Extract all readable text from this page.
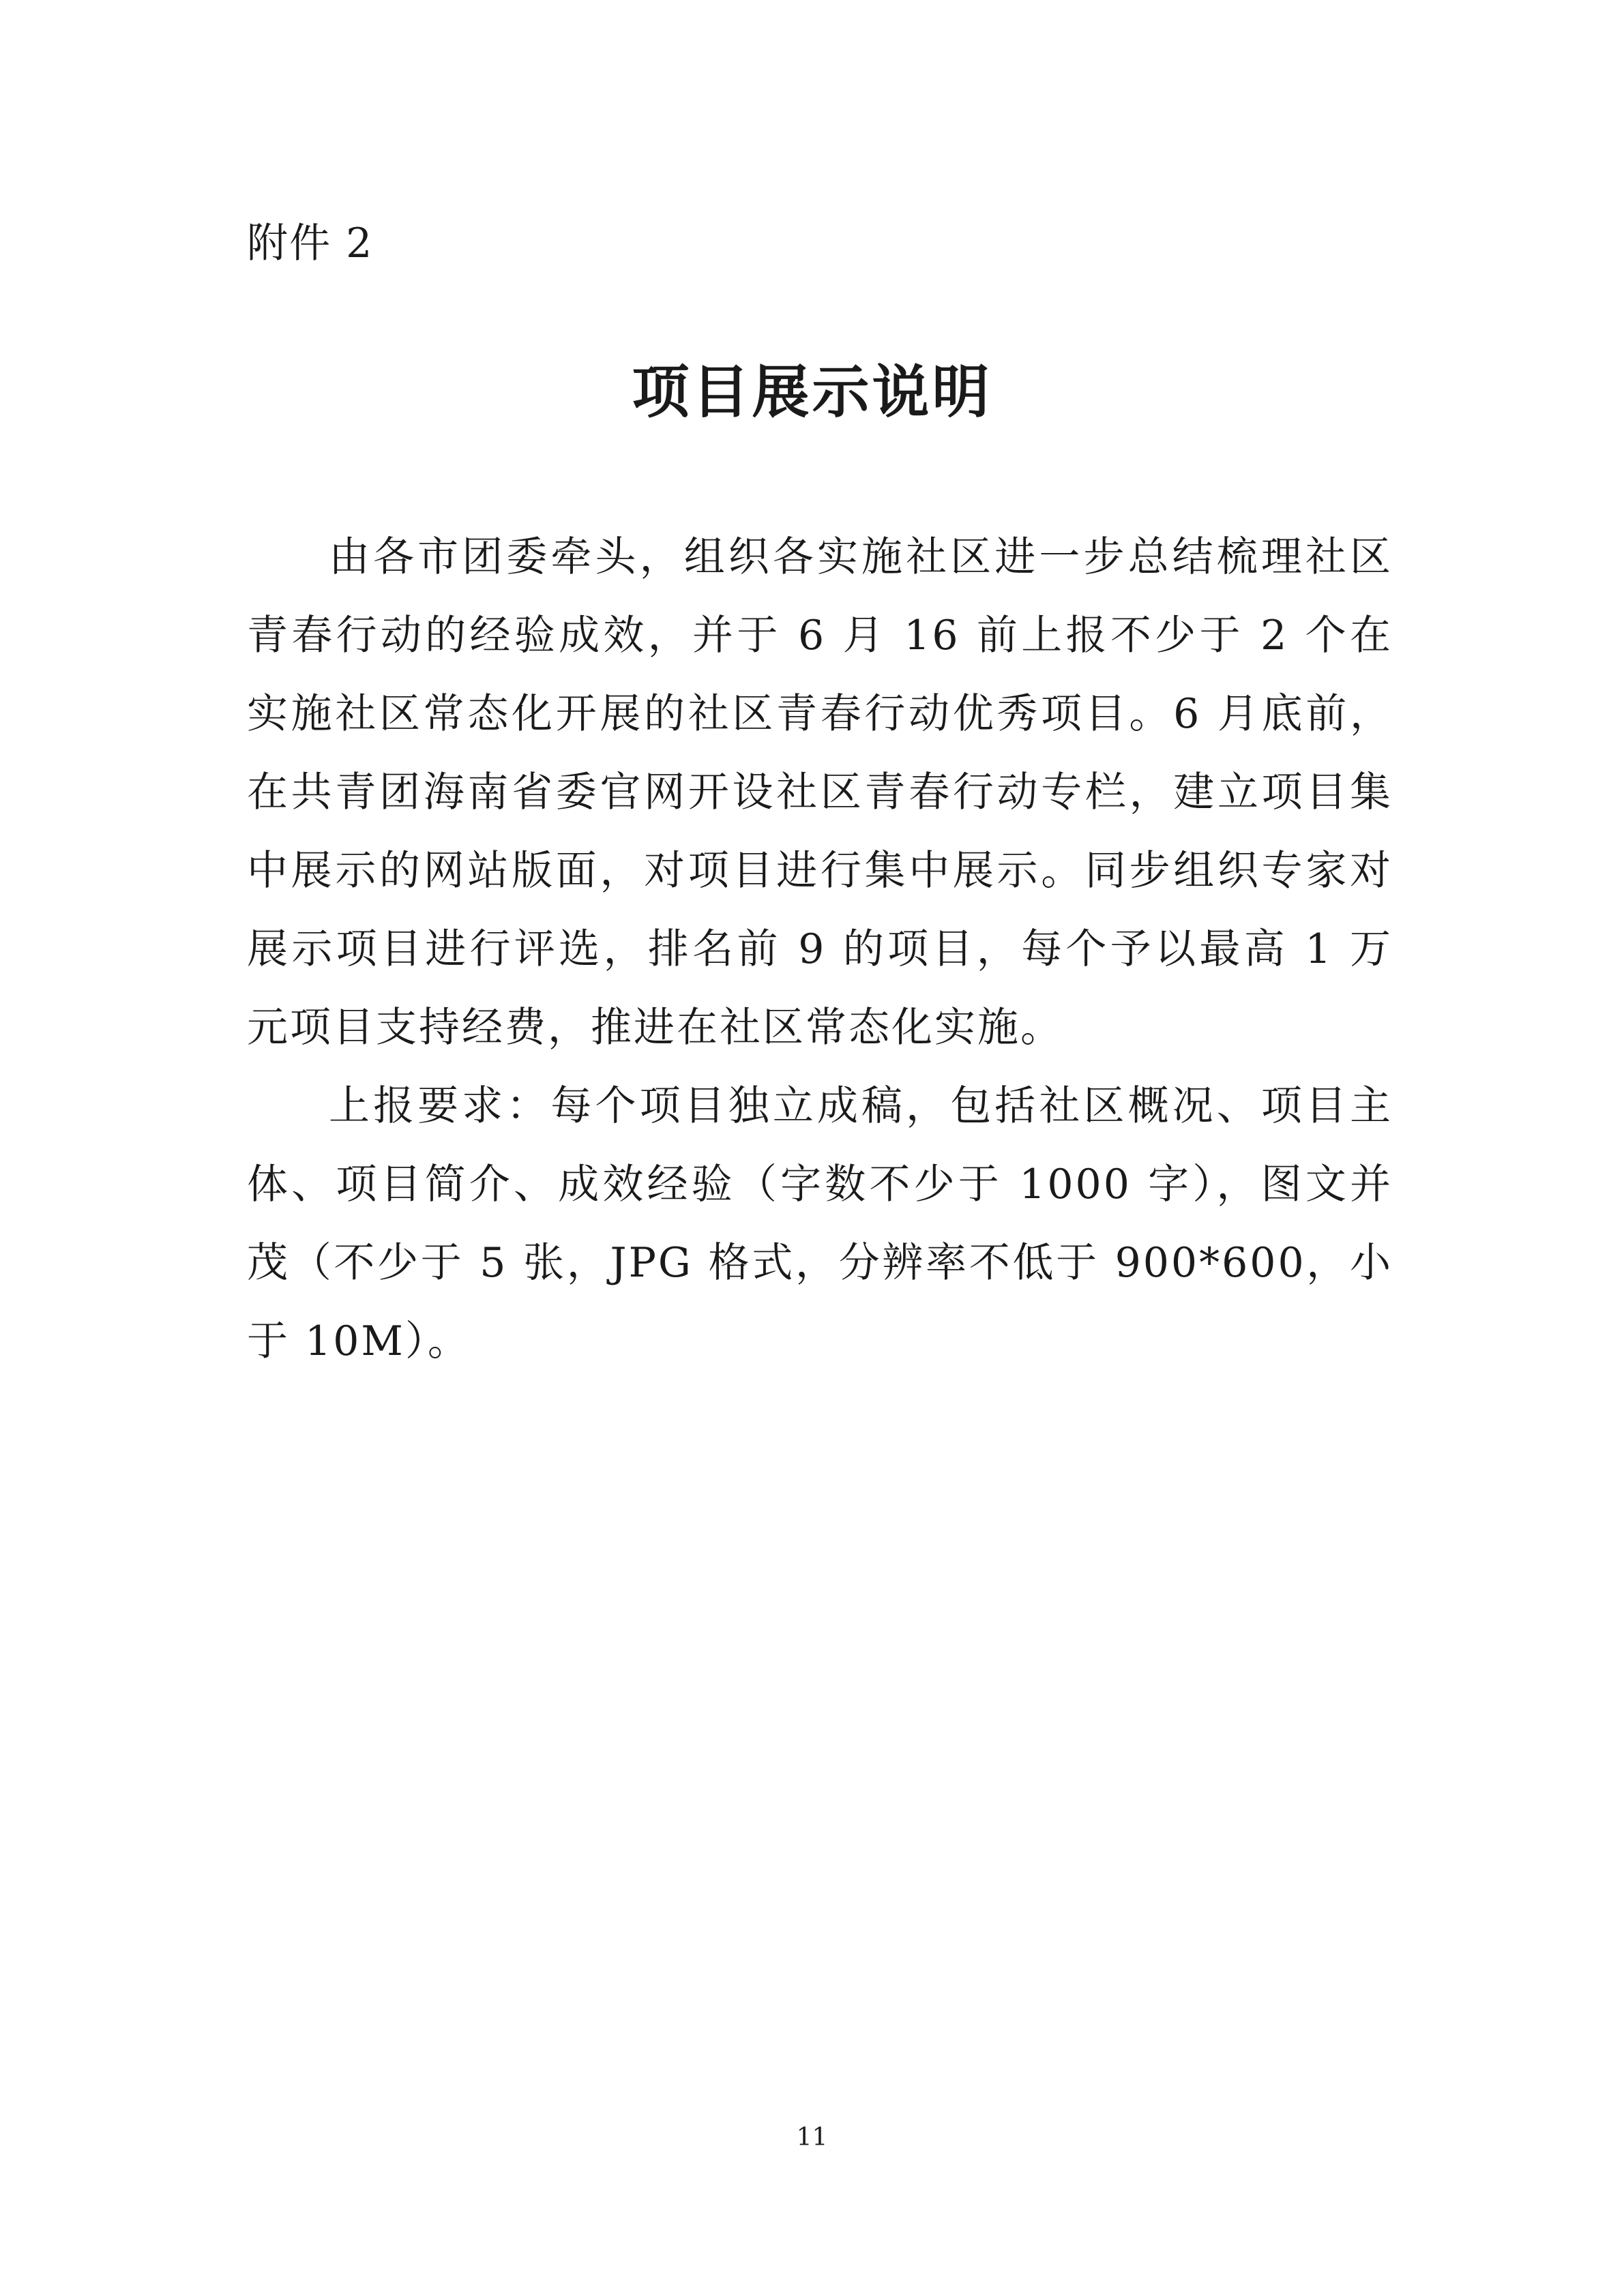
附件 2
项目展示说明

由各市团委牵头，组织各实施社区进一步总结梳理社区青春行动的经验成效，并于 6 月 16 前上报不少于 2 个在实施社区常态化开展的社区青春行动优秀项目。6 月底前，在共青团海南省委官网开设社区青春行动专栏，建立项目集中展示的网站版面，对项目进行集中展示。同步组织专家对展示项目进行评选，排名前 9 的项目，每个予以最高 1 万元项目支持经费，推进在社区常态化实施。

上报要求：每个项目独立成稿，包括社区概况、项目主体、项目简介、成效经验（字数不少于 1000 字），图文并茂（不少于 5 张，JPG 格式，分辨率不低于 900*600，小于 10M）。

11
